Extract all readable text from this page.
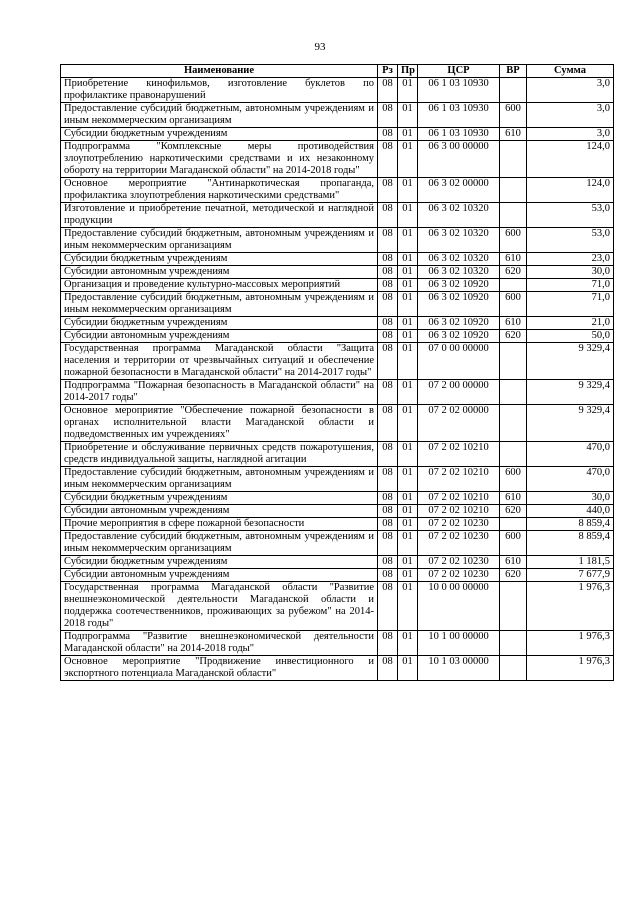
93
Наименование	Рз	Пр	ЦСР	ВР	Сумма
Приобретение кинофильмов, изготовление буклетов по профилактике правонарушений	08	01	06 1 03 10930		3,0
Предоставление субсидий бюджетным, автономным учреждениям и иным некоммерческим организациям	08	01	06 1 03 10930	600	3,0
Субсидии бюджетным учреждениям	08	01	06 1 03 10930	610	3,0
Подпрограмма "Комплексные меры противодействия злоупотреблению наркотическими средствами и их незаконному обороту на территории Магаданской области" на 2014-2018 годы"	08	01	06 3 00 00000		124,0
Основное мероприятие "Антинаркотическая пропаганда, профилактика злоупотребления наркотическими средствами"	08	01	06 3 02 00000		124,0
Изготовление и приобретение печатной, методической и наглядной продукции	08	01	06 3 02 10320		53,0
Предоставление субсидий бюджетным, автономным учреждениям и иным некоммерческим организациям	08	01	06 3 02 10320	600	53,0
Субсидии бюджетным учреждениям	08	01	06 3 02 10320	610	23,0
Субсидии автономным учреждениям	08	01	06 3 02 10320	620	30,0
Организация и проведение культурно-массовых мероприятий	08	01	06 3 02 10920		71,0
Предоставление субсидий бюджетным, автономным учреждениям и иным некоммерческим организациям	08	01	06 3 02 10920	600	71,0
Субсидии бюджетным учреждениям	08	01	06 3 02 10920	610	21,0
Субсидии автономным учреждениям	08	01	06 3 02 10920	620	50,0
Государственная программа Магаданской области "Защита населения и территории от чрезвычайных ситуаций и обеспечение пожарной безопасности в Магаданской области" на 2014-2017 годы"	08	01	07 0 00 00000		9 329,4
Подпрограмма "Пожарная безопасность в Магаданской области" на 2014-2017 годы"	08	01	07 2 00 00000		9 329,4
Основное мероприятие "Обеспечение пожарной безопасности в органах исполнительной власти Магаданской области и подведомственных им учреждениях"	08	01	07 2 02 00000		9 329,4
Приобретение и обслуживание первичных средств пожаротушения, средств индивидуальной защиты, наглядной агитации	08	01	07 2 02 10210		470,0
Предоставление субсидий бюджетным, автономным учреждениям и иным некоммерческим организациям	08	01	07 2 02 10210	600	470,0
Субсидии бюджетным учреждениям	08	01	07 2 02 10210	610	30,0
Субсидии автономным учреждениям	08	01	07 2 02 10210	620	440,0
Прочие мероприятия в сфере пожарной безопасности	08	01	07 2 02 10230		8 859,4
Предоставление субсидий бюджетным, автономным учреждениям и иным некоммерческим организациям	08	01	07 2 02 10230	600	8 859,4
Субсидии бюджетным учреждениям	08	01	07 2 02 10230	610	1 181,5
Субсидии автономным учреждениям	08	01	07 2 02 10230	620	7 677,9
Государственная программа Магаданской области "Развитие внешнеэкономической деятельности Магаданской области и поддержка соотечественников, проживающих за рубежом" на 2014-2018 годы"	08	01	10 0 00 00000		1 976,3
Подпрограмма "Развитие внешнеэкономической деятельности Магаданской области" на 2014-2018 годы"	08	01	10 1 00 00000		1 976,3
Основное мероприятие "Продвижение инвестиционного и экспортного потенциала Магаданской области"	08	01	10 1 03 00000		1 976,3
